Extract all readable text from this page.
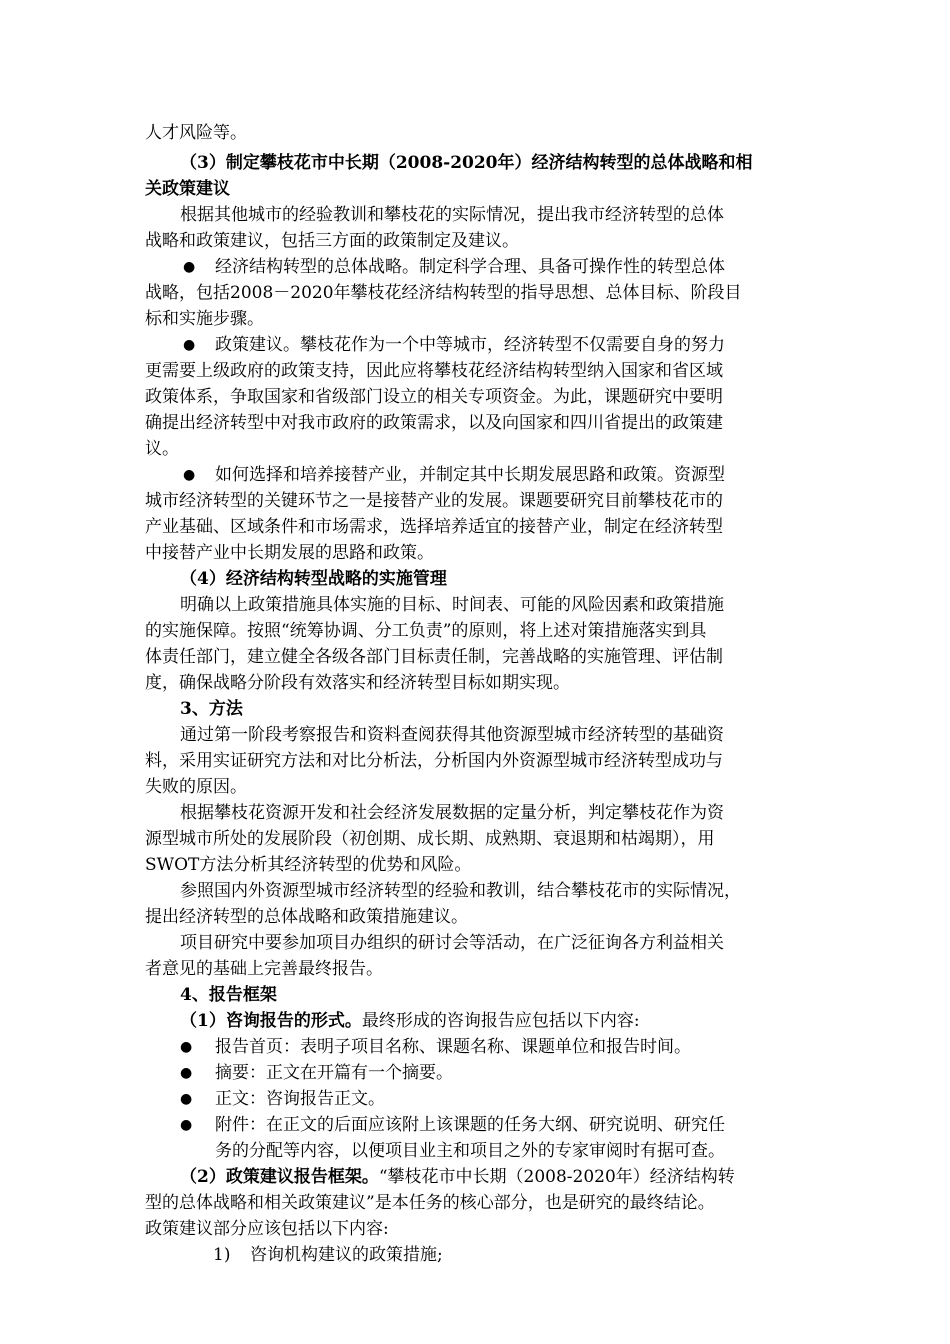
人才风险等。
（3）制定攀枝花市中长期（2008-2020年）经济结构转型的总体战略和相
关政策建议
根据其他城市的经验教训和攀枝花的实际情况，提出我市经济转型的总体
战略和政策建议，包括三方面的政策制定及建议。
●	经济结构转型的总体战略。制定科学合理、具备可操作性的转型总体
战略，包括2008－2020年攀枝花经济结构转型的指导思想、总体目标、阶段目
标和实施步骤。
●	政策建议。攀枝花作为一个中等城市，经济转型不仅需要自身的努力
更需要上级政府的政策支持，因此应将攀枝花经济结构转型纳入国家和省区域
政策体系，争取国家和省级部门设立的相关专项资金。为此，课题研究中要明
确提出经济转型中对我市政府的政策需求，以及向国家和四川省提出的政策建
议。
●	如何选择和培养接替产业，并制定其中长期发展思路和政策。资源型
城市经济转型的关键环节之一是接替产业的发展。课题要研究目前攀枝花市的
产业基础、区域条件和市场需求，选择培养适宜的接替产业，制定在经济转型
中接替产业中长期发展的思路和政策。
（4）经济结构转型战略的实施管理
明确以上政策措施具体实施的目标、时间表、可能的风险因素和政策措施
的实施保障。按照“统筹协调、分工负责”的原则，将上述对策措施落实到具
体责任部门，建立健全各级各部门目标责任制，完善战略的实施管理、评估制
度，确保战略分阶段有效落实和经济转型目标如期实现。
3、方法
通过第一阶段考察报告和资料查阅获得其他资源型城市经济转型的基础资
料，采用实证研究方法和对比分析法，分析国内外资源型城市经济转型成功与
失败的原因。
根据攀枝花资源开发和社会经济发展数据的定量分析，判定攀枝花作为资
源型城市所处的发展阶段（初创期、成长期、成熟期、衰退期和枯竭期），用
SWOT方法分析其经济转型的优势和风险。
参照国内外资源型城市经济转型的经验和教训，结合攀枝花市的实际情况，
提出经济转型的总体战略和政策措施建议。
项目研究中要参加项目办组织的研讨会等活动，在广泛征询各方利益相关
者意见的基础上完善最终报告。
4、报告框架
（1）咨询报告的形式。最终形成的咨询报告应包括以下内容:
●	报告首页：表明子项目名称、课题名称、课题单位和报告时间。
●	摘要：正文在开篇有一个摘要。
●	正文：咨询报告正文。
●	附件：在正文的后面应该附上该课题的任务大纲、研究说明、研究任
务的分配等内容，以便项目业主和项目之外的专家审阅时有据可查。
（2）政策建议报告框架。“攀枝花市中长期（2008-2020年）经济结构转
型的总体战略和相关政策建议”是本任务的核心部分，也是研究的最终结论。
政策建议部分应该包括以下内容:
1)	咨询机构建议的政策措施;
